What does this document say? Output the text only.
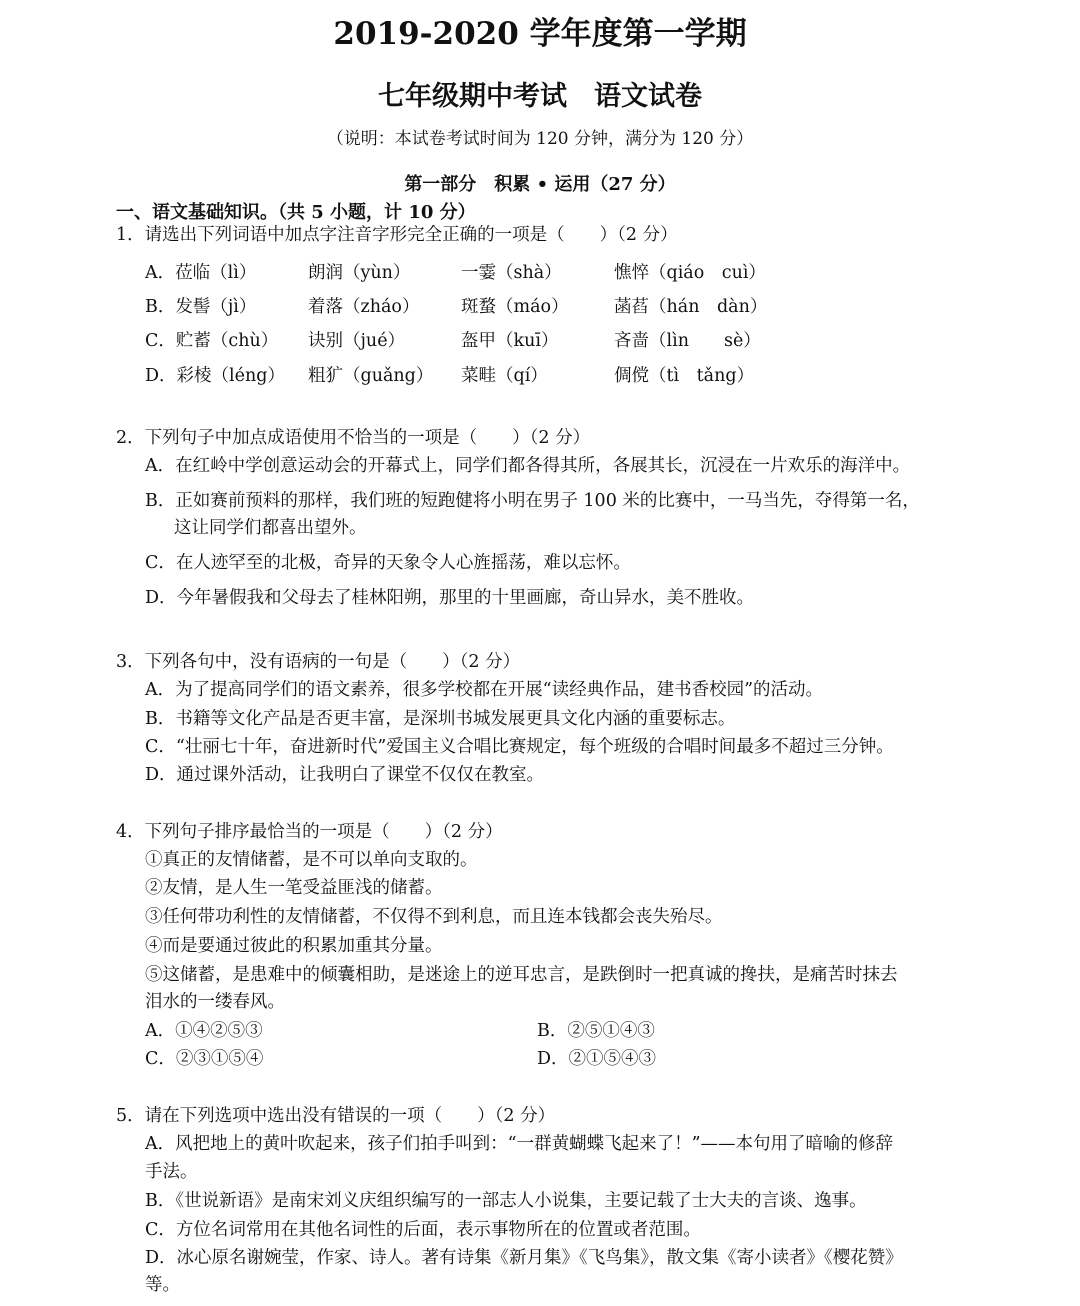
2019-2020 学年度第一学期
七年级期中考试　语文试卷
（说明：本试卷考试时间为 120 分钟，满分为 120 分）
第一部分　积累 • 运用（27 分）
一、语文基础知识。（共 5 小题，计 10 分）
1．请选出下列词语中加点字注音字形完全正确的一项是（　　）（2 分）
A．莅临（lì）	朗润（yùn）	一霎（shà）	憔悴（qiáo　cuì）
B．发髻（jì）	着落（zháo）	斑蝥（máo）	菡萏（hán　dàn）
C．贮蓄（chù）	诀别（jué）	盔甲（kuī）	吝啬（lìn　　sè）
D．彩棱（léng）	粗犷（guǎng）	菜畦（qí）	倜傥（tì　tǎng）
2．下列句子中加点成语使用不恰当的一项是（　　）（2 分）
A．在红岭中学创意运动会的开幕式上，同学们都各得其所，各展其长，沉浸在一片欢乐的海洋中。
B．正如赛前预料的那样，我们班的短跑健将小明在男子 100 米的比赛中，一马当先，夺得第一名，
这让同学们都喜出望外。
C．在人迹罕至的北极，奇异的天象令人心旌摇荡，难以忘怀。
D．今年暑假我和父母去了桂林阳朔，那里的十里画廊，奇山异水，美不胜收。
3．下列各句中，没有语病的一句是（　　）（2 分）
A．为了提高同学们的语文素养，很多学校都在开展“读经典作品，建书香校园”的活动。
B．书籍等文化产品是否更丰富，是深圳书城发展更具文化内涵的重要标志。
C．“壮丽七十年，奋进新时代”爱国主义合唱比赛规定，每个班级的合唱时间最多不超过三分钟。
D．通过课外活动，让我明白了课堂不仅仅在教室。
4．下列句子排序最恰当的一项是（　　）（2 分）
①真正的友情储蓄，是不可以单向支取的。
②友情，是人生一笔受益匪浅的储蓄。
③任何带功利性的友情储蓄，不仅得不到利息，而且连本钱都会丧失殆尽。
④而是要通过彼此的积累加重其分量。
⑤这储蓄，是患难中的倾囊相助，是迷途上的逆耳忠言，是跌倒时一把真诚的搀扶，是痛苦时抹去
泪水的一缕春风。
A．①④②⑤③	B．②⑤①④③
C．②③①⑤④	D．②①⑤④③
5．请在下列选项中选出没有错误的一项（　　）（2 分）
A．风把地上的黄叶吹起来，孩子们拍手叫到：“一群黄蝴蝶飞起来了！”——本句用了暗喻的修辞
手法。
B．《世说新语》是南宋刘义庆组织编写的一部志人小说集，主要记载了士大夫的言谈、逸事。
C．方位名词常用在其他名词性的后面，表示事物所在的位置或者范围。
D．冰心原名谢婉莹，作家、诗人。著有诗集《新月集》《飞鸟集》，散文集《寄小读者》《樱花赞》
等。
